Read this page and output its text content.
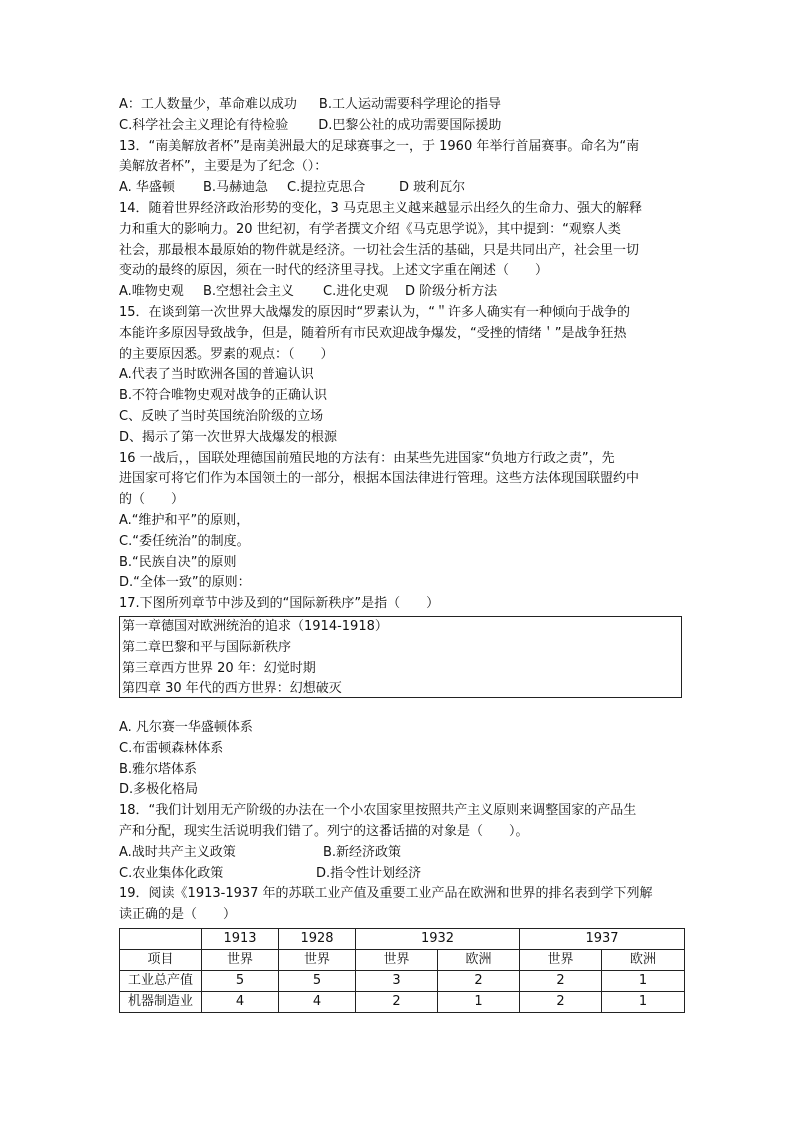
A：工人数量少，革命难以成功 B.工人运动需要科学理论的指导
C.科学社会主义理论有待检验 D.巴黎公社的成功需要国际援助
13．“南美解放者杯”是南美洲最大的足球赛事之一，于 1960 年举行首届赛事。命名为“南
美解放者杯”，主要是为了纪念（）：
A. 华盛顿 B.马赫迪急 C.提拉克思合	D 玻利瓦尔
14．随着世界经济政治形势的变化，3 马克思主义越来越显示出经久的生命力、强大的解释
力和重大的影响力。20 世纪初，有学者撰文介绍《马克思学说》，其中提到：“观察人类
社会，那最根本最原始的物件就是经济。一切社会生活的基础，只是共同出产，社会里一切
变动的最终的原因，须在一时代的经济里寻找。上述文字重在阐述（　　）
A.唯物史观 B.空想社会主义 C.进化史观 D 阶级分析方法
15．在谈到第一次世界大战爆发的原因时“罗素认为，“＂许多人确实有一种倾向于战争的
本能许多原因导致战争，但是，随着所有市民欢迎战争爆发，“受挫的情绪＇”是战争狂热
的主要原因悉。罗素的观点：（　　）
A.代表了当时欧洲各国的普遍认识
B.不符合唯物史观对战争的正确认识
C、反映了当时英国统治阶级的立场
D、揭示了第一次世界大战爆发的根源
16 一战后，，国联处理德国前殖民地的方法有：由某些先进国家“负地方行政之责”，先
进国家可将它们作为本国领土的一部分，根据本国法律进行管理。这些方法体现国联盟约中
的（　　）
A.“维护和平”的原则，
C.“委任统治”的制度。
B.“民族自决”的原则
D.“全体一致”的原则：
17.下图所列章节中涉及到的“国际新秩序”是指（　　）
第一章德国对欧洲统治的追求（1914-1918）
第二章巴黎和平与国际新秩序
第三章西方世界 20 年：幻觉时期
第四章 30 年代的西方世界：幻想破灭
A. 凡尔赛一华盛顿体系
C.布雷顿森林体系
B.雅尔塔体系
D.多极化格局
18．“我们计划用无产阶级的办法在一个小农国家里按照共产主义原则来调整国家的产品生
产和分配，现实生活说明我们错了。列宁的这番话描的对象是（　　）。
A.战时共产主义政策	B.新经济政策
C.农业集体化政策	D.指令性计划经济
19．阅读《1913-1937 年的苏联工业产值及重要工业产品在欧洲和世界的排名表到学下列解
读正确的是（　　）
	1913	1928	1932		1937	
项目	世界	世界	世界	欧洲	世界	欧洲
工业总产值	5	5	3	2	2	1
机器制造业	4	4	2	1	2	1
